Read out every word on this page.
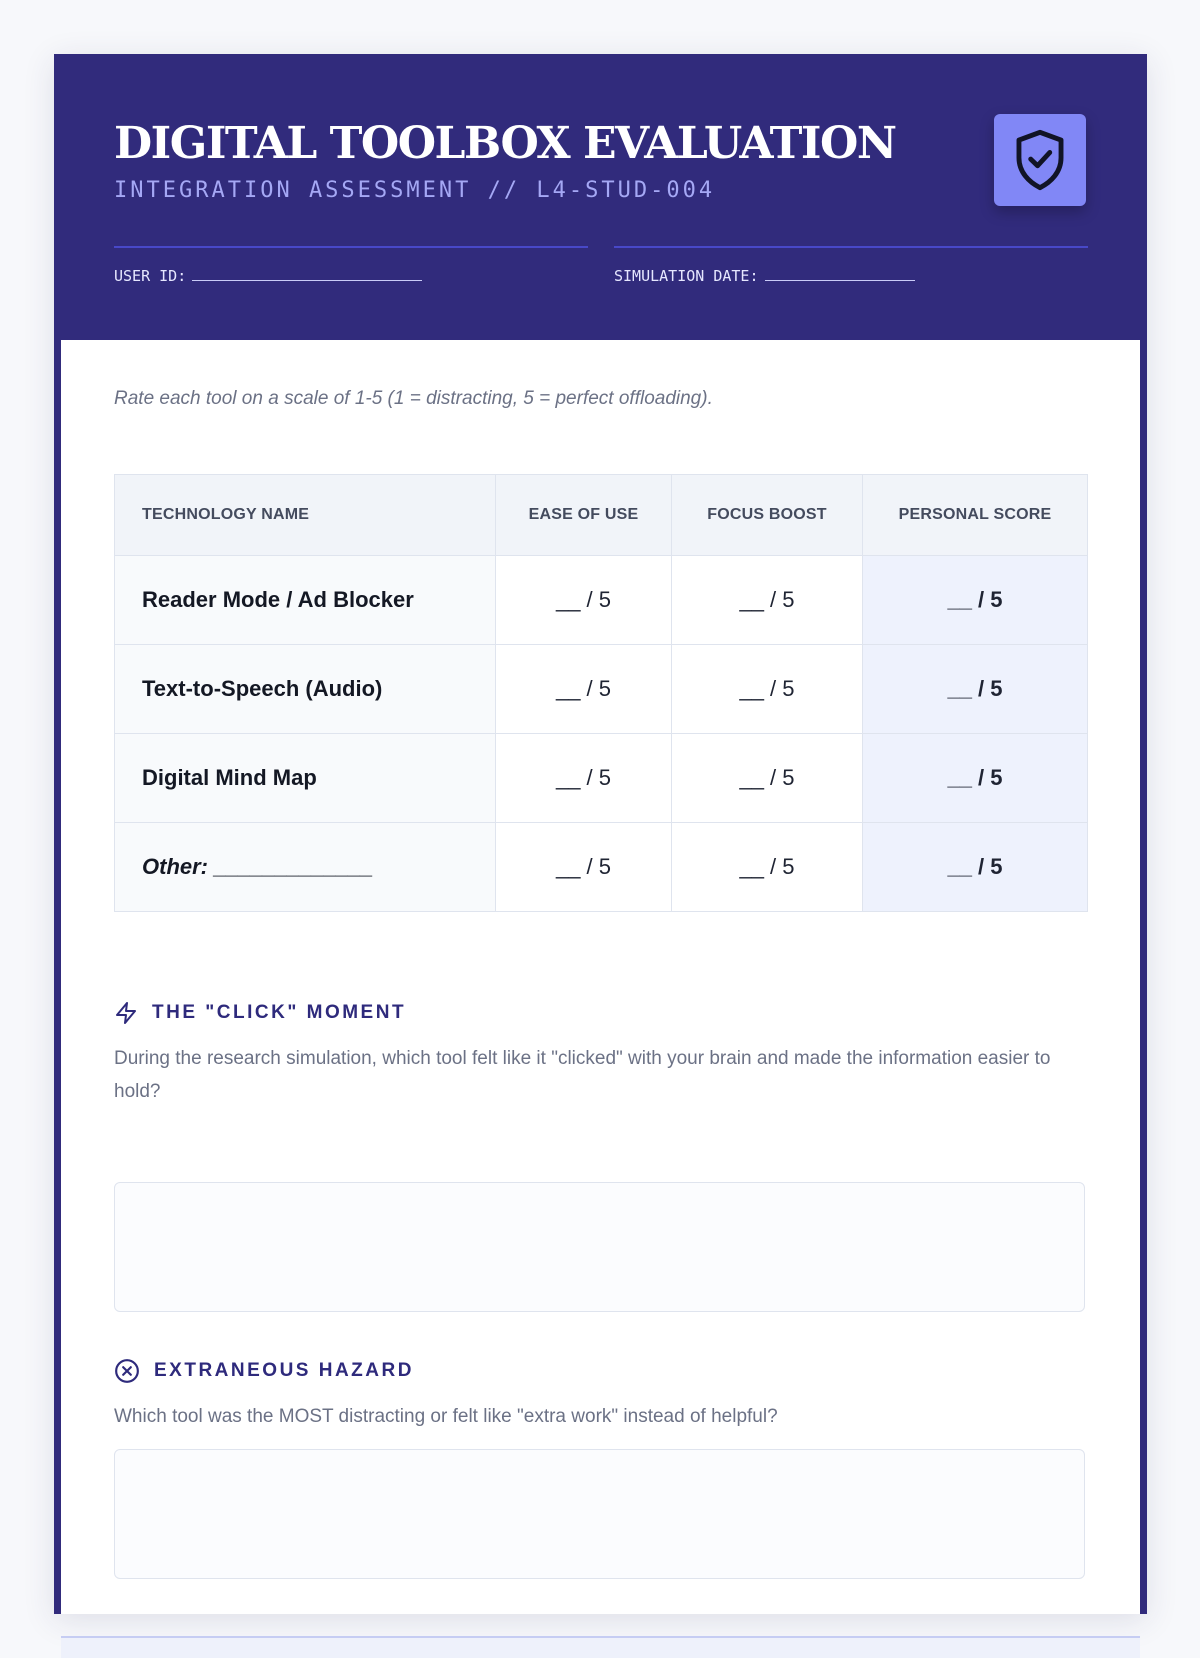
DIGITAL TOOLBOX EVALUATION
INTEGRATION ASSESSMENT // L4-STUD-004
USER ID:	SIMULATION DATE:
Rate each tool on a scale of 1-5 (1 = distracting, 5 = perfect offloading).
TECHNOLOGY NAME	EASE OF USE	FOCUS BOOST	PERSONAL SCORE
Reader Mode / Ad Blocker	__ / 5	__ / 5	__ / 5
Text-to-Speech (Audio)	__ / 5	__ / 5	__ / 5
Digital Mind Map	__ / 5	__ / 5	__ / 5
Other: _____________	__ / 5	__ / 5	__ / 5
THE "CLICK" MOMENT
During the research simulation, which tool felt like it "clicked" with your brain and made the information easier to hold?
EXTRANEOUS HAZARD
Which tool was the MOST distracting or felt like "extra work" instead of helpful?
